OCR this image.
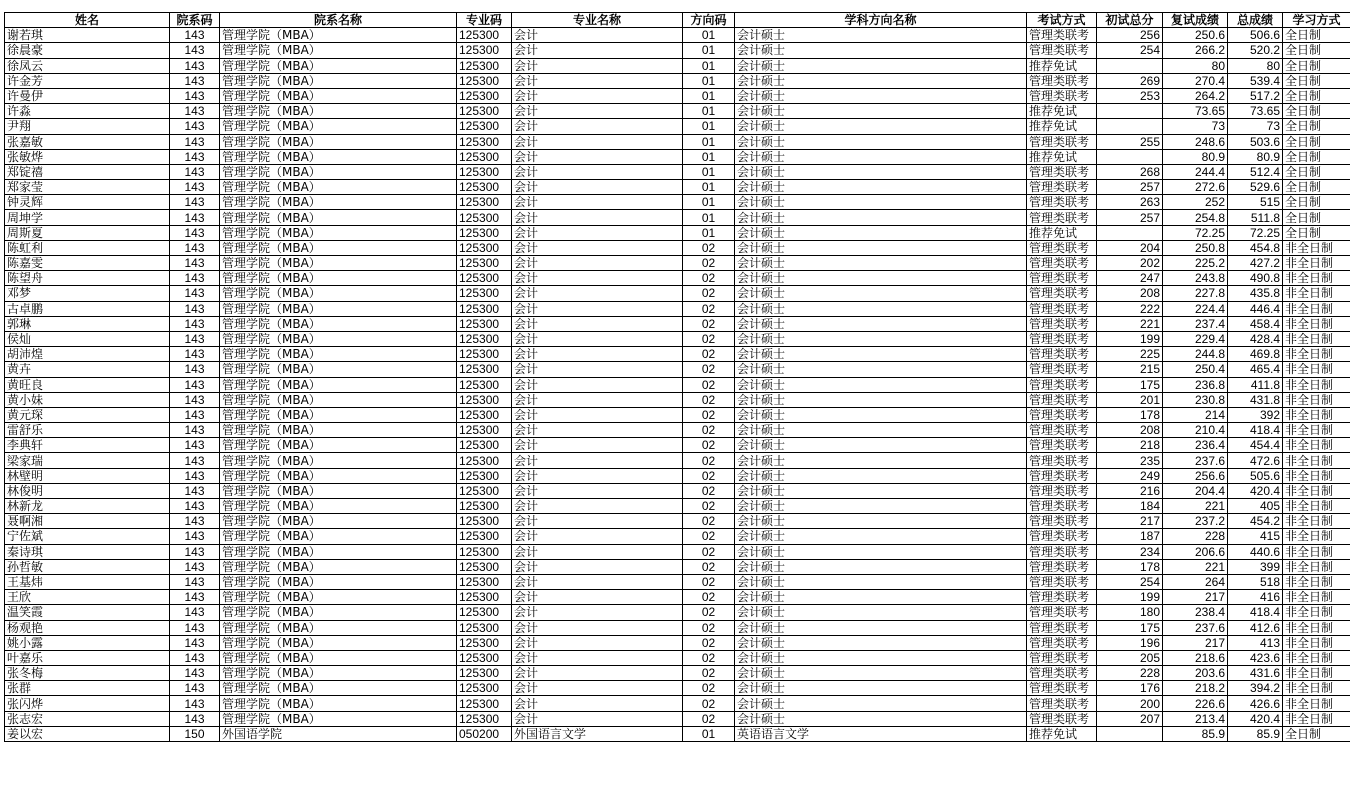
姓名	院系码	院系名称	专业码	专业名称	方向码	学科方向名称	考试方式	初试总分	复试成绩	总成绩	学习方式
谢若琪	143	管理学院（MBA）	125300	会计	01	会计硕士	管理类联考	256	250.6	506.6	全日制
徐晨豪	143	管理学院（MBA）	125300	会计	01	会计硕士	管理类联考	254	266.2	520.2	全日制
徐凤云	143	管理学院（MBA）	125300	会计	01	会计硕士	推荐免试		80	80	全日制
许金芳	143	管理学院（MBA）	125300	会计	01	会计硕士	管理类联考	269	270.4	539.4	全日制
许曼伊	143	管理学院（MBA）	125300	会计	01	会计硕士	管理类联考	253	264.2	517.2	全日制
许淼	143	管理学院（MBA）	125300	会计	01	会计硕士	推荐免试		73.65	73.65	全日制
尹翔	143	管理学院（MBA）	125300	会计	01	会计硕士	推荐免试		73	73	全日制
张嘉敏	143	管理学院（MBA）	125300	会计	01	会计硕士	管理类联考	255	248.6	503.6	全日制
张敏烨	143	管理学院（MBA）	125300	会计	01	会计硕士	推荐免试		80.9	80.9	全日制
郑锭禧	143	管理学院（MBA）	125300	会计	01	会计硕士	管理类联考	268	244.4	512.4	全日制
郑家莹	143	管理学院（MBA）	125300	会计	01	会计硕士	管理类联考	257	272.6	529.6	全日制
钟灵辉	143	管理学院（MBA）	125300	会计	01	会计硕士	管理类联考	263	252	515	全日制
周坤学	143	管理学院（MBA）	125300	会计	01	会计硕士	管理类联考	257	254.8	511.8	全日制
周斯夏	143	管理学院（MBA）	125300	会计	01	会计硕士	推荐免试		72.25	72.25	全日制
陈虹利	143	管理学院（MBA）	125300	会计	02	会计硕士	管理类联考	204	250.8	454.8	非全日制
陈嘉雯	143	管理学院（MBA）	125300	会计	02	会计硕士	管理类联考	202	225.2	427.2	非全日制
陈望舟	143	管理学院（MBA）	125300	会计	02	会计硕士	管理类联考	247	243.8	490.8	非全日制
邓梦	143	管理学院（MBA）	125300	会计	02	会计硕士	管理类联考	208	227.8	435.8	非全日制
古卓鹏	143	管理学院（MBA）	125300	会计	02	会计硕士	管理类联考	222	224.4	446.4	非全日制
郭琳	143	管理学院（MBA）	125300	会计	02	会计硕士	管理类联考	221	237.4	458.4	非全日制
侯灿	143	管理学院（MBA）	125300	会计	02	会计硕士	管理类联考	199	229.4	428.4	非全日制
胡沛煌	143	管理学院（MBA）	125300	会计	02	会计硕士	管理类联考	225	244.8	469.8	非全日制
黄卉	143	管理学院（MBA）	125300	会计	02	会计硕士	管理类联考	215	250.4	465.4	非全日制
黄旺良	143	管理学院（MBA）	125300	会计	02	会计硕士	管理类联考	175	236.8	411.8	非全日制
黄小妹	143	管理学院（MBA）	125300	会计	02	会计硕士	管理类联考	201	230.8	431.8	非全日制
黄元琛	143	管理学院（MBA）	125300	会计	02	会计硕士	管理类联考	178	214	392	非全日制
雷舒乐	143	管理学院（MBA）	125300	会计	02	会计硕士	管理类联考	208	210.4	418.4	非全日制
李典轩	143	管理学院（MBA）	125300	会计	02	会计硕士	管理类联考	218	236.4	454.4	非全日制
梁家瑞	143	管理学院（MBA）	125300	会计	02	会计硕士	管理类联考	235	237.6	472.6	非全日制
林壁明	143	管理学院（MBA）	125300	会计	02	会计硕士	管理类联考	249	256.6	505.6	非全日制
林俊明	143	管理学院（MBA）	125300	会计	02	会计硕士	管理类联考	216	204.4	420.4	非全日制
林新龙	143	管理学院（MBA）	125300	会计	02	会计硕士	管理类联考	184	221	405	非全日制
聂啊湘	143	管理学院（MBA）	125300	会计	02	会计硕士	管理类联考	217	237.2	454.2	非全日制
宁佐斌	143	管理学院（MBA）	125300	会计	02	会计硕士	管理类联考	187	228	415	非全日制
秦诗琪	143	管理学院（MBA）	125300	会计	02	会计硕士	管理类联考	234	206.6	440.6	非全日制
孙哲敏	143	管理学院（MBA）	125300	会计	02	会计硕士	管理类联考	178	221	399	非全日制
王基炜	143	管理学院（MBA）	125300	会计	02	会计硕士	管理类联考	254	264	518	非全日制
王欣	143	管理学院（MBA）	125300	会计	02	会计硕士	管理类联考	199	217	416	非全日制
温笑霞	143	管理学院（MBA）	125300	会计	02	会计硕士	管理类联考	180	238.4	418.4	非全日制
杨观艳	143	管理学院（MBA）	125300	会计	02	会计硕士	管理类联考	175	237.6	412.6	非全日制
姚小露	143	管理学院（MBA）	125300	会计	02	会计硕士	管理类联考	196	217	413	非全日制
叶嘉乐	143	管理学院（MBA）	125300	会计	02	会计硕士	管理类联考	205	218.6	423.6	非全日制
张冬梅	143	管理学院（MBA）	125300	会计	02	会计硕士	管理类联考	228	203.6	431.6	非全日制
张群	143	管理学院（MBA）	125300	会计	02	会计硕士	管理类联考	176	218.2	394.2	非全日制
张闪烨	143	管理学院（MBA）	125300	会计	02	会计硕士	管理类联考	200	226.6	426.6	非全日制
张志宏	143	管理学院（MBA）	125300	会计	02	会计硕士	管理类联考	207	213.4	420.4	非全日制
姜以宏	150	外国语学院	050200	外国语言文学	01	英语语言文学	推荐免试		85.9	85.9	全日制
